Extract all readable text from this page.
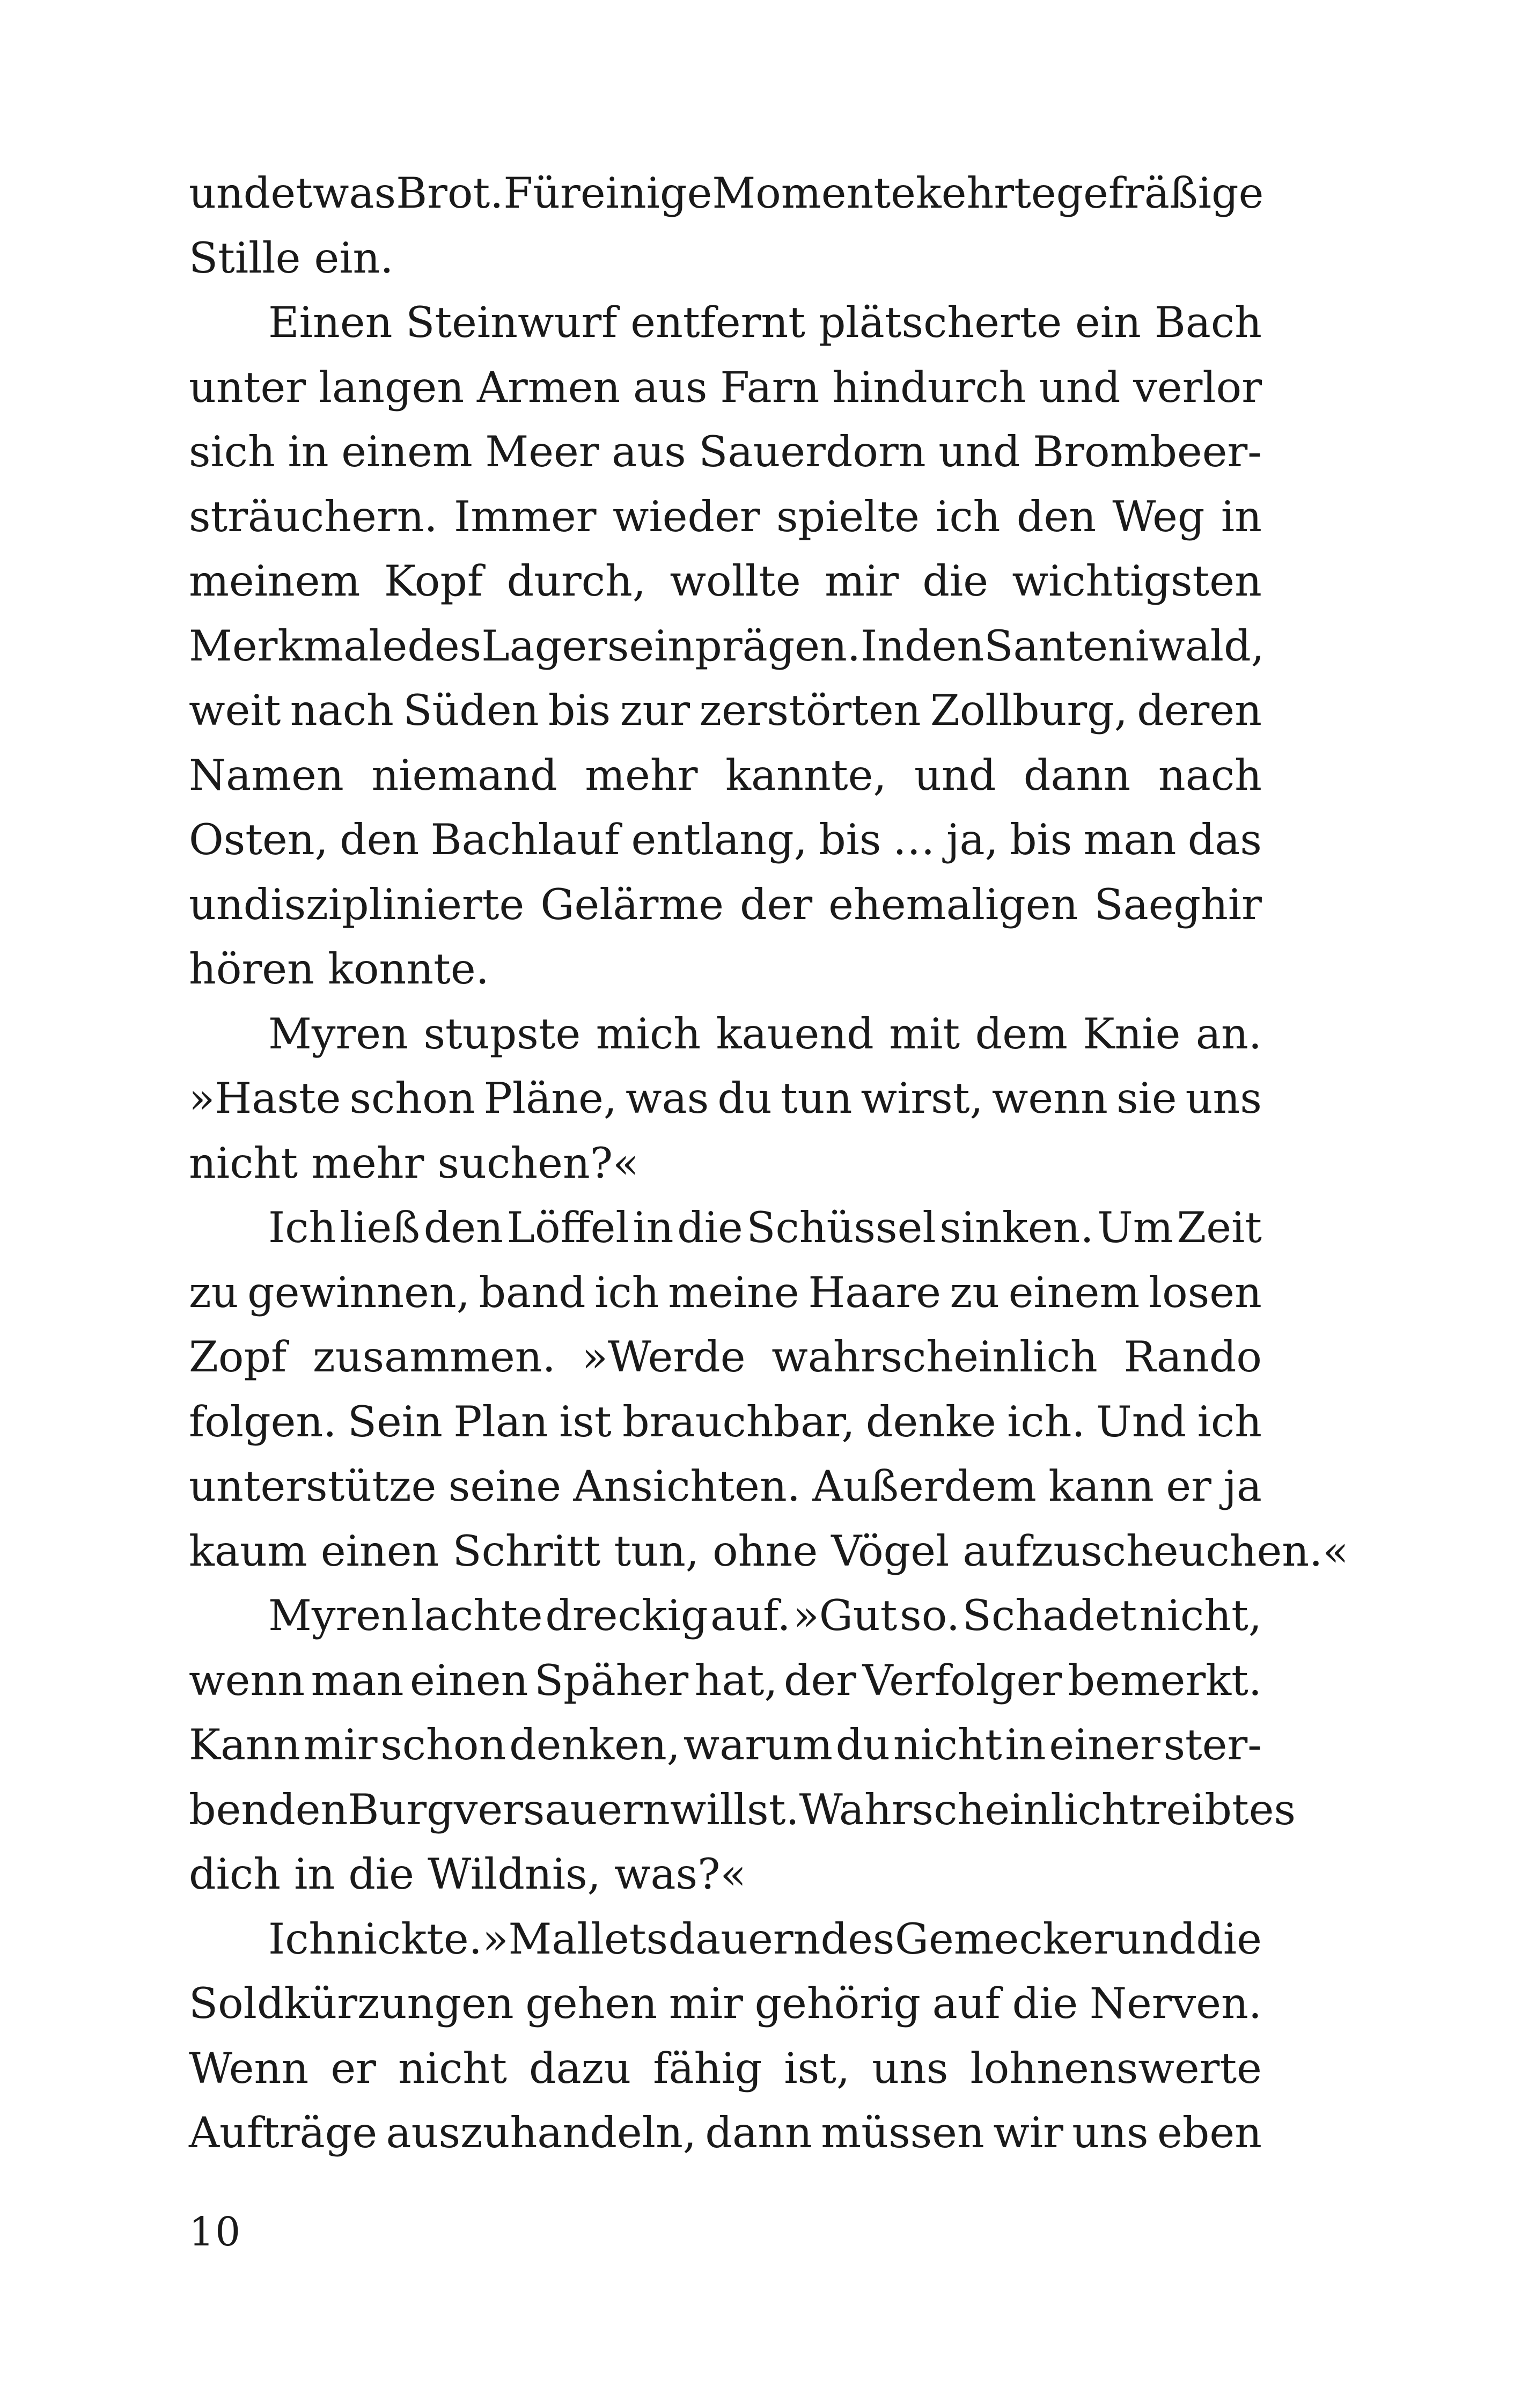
und etwas Brot. Für einige Momente kehrte gefräßige
Stille ein.

Einen Steinwurf entfernt plätscherte ein Bach
unter langen Armen aus Farn hindurch und verlor
sich in einem Meer aus Sauerdorn und Brombeer-
sträuchern. Immer wieder spielte ich den Weg in
meinem Kopf durch, wollte mir die wichtigsten
Merkmale des Lagers einprägen. In den Santeniwald,
weit nach Süden bis zur zerstörten Zollburg, deren
Namen niemand mehr kannte, und dann nach
Osten, den Bachlauf entlang, bis … ja, bis man das
undisziplinierte Gelärme der ehemaligen Saeghir
hören konnte.

Myren stupste mich kauend mit dem Knie an.
»Haste schon Pläne, was du tun wirst, wenn sie uns
nicht mehr suchen?«

Ich ließ den Löffel in die Schüssel sinken. Um Zeit
zu gewinnen, band ich meine Haare zu einem losen
Zopf zusammen. »Werde wahrscheinlich Rando
folgen. Sein Plan ist brauchbar, denke ich. Und ich
unterstütze seine Ansichten. Außerdem kann er ja
kaum einen Schritt tun, ohne Vögel aufzuscheuchen.«

Myren lachte dreckig auf. »Gut so. Schadet nicht,
wenn man einen Späher hat, der Verfolger bemerkt.
Kann mir schon denken, warum du nicht in einer ster-
benden Burg versauern willst. Wahrscheinlich treibt es
dich in die Wildnis, was?«

Ich nickte. »Mallets dauerndes Gemecker und die
Soldkürzungen gehen mir gehörig auf die Nerven.
Wenn er nicht dazu fähig ist, uns lohnenswerte
Aufträge auszuhandeln, dann müssen wir uns eben

10
